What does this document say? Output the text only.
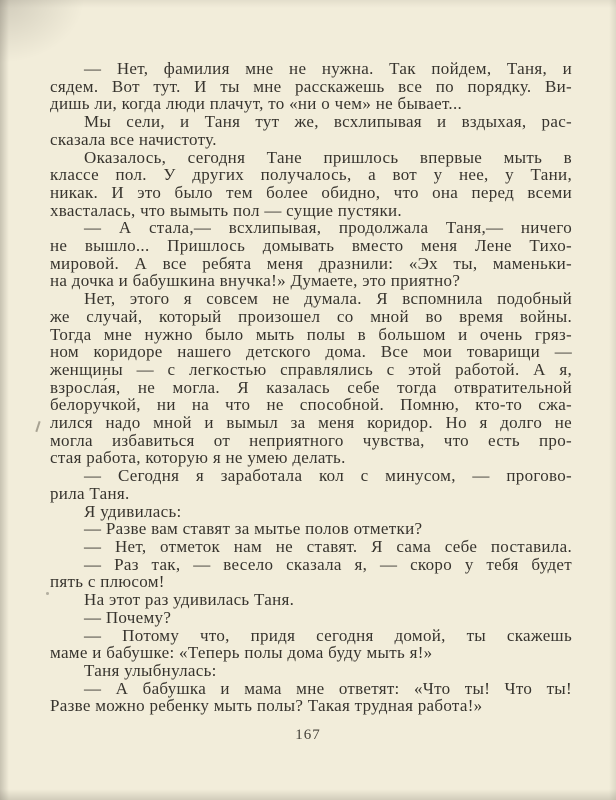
— Нет, фамилия мне не нужна. Так пойдем, Таня, и
сядем. Вот тут. И ты мне расскажешь все по порядку. Ви-
дишь ли, когда люди плачут, то «ни о чем» не бывает...
Мы сели, и Таня тут же, всхлипывая и вздыхая, рас-
сказала все начистоту.
Оказалось, сегодня Тане пришлось впервые мыть в
классе пол. У других получалось, а вот у нее, у Тани,
никак. И это было тем более обидно, что она перед всеми
хвасталась, что вымыть пол — сущие пустяки.
— А стала,— всхлипывая, продолжала Таня,— ничего
не вышло... Пришлось домывать вместо меня Лене Тихо-
мировой. А все ребята меня дразнили: «Эх ты, маменьки-
на дочка и бабушкина внучка!» Думаете, это приятно?
Нет, этого я совсем не думала. Я вспомнила подобный
же случай, который произошел со мной во время войны.
Тогда мне нужно было мыть полы в большом и очень гряз-
ном коридоре нашего детского дома. Все мои товарищи —
женщины — с легкостью справлялись с этой работой. А я,
взросла́я, не могла. Я казалась себе тогда отвратительной
белоручкой, ни на что не способной. Помню, кто-то сжа-
лился надо мной и вымыл за меня коридор. Но я долго не
могла избавиться от неприятного чувства, что есть про-
стая работа, которую я не умею делать.
— Сегодня я заработала кол с минусом, — прогово-
рила Таня.
Я удивилась:
— Разве вам ставят за мытье полов отметки?
— Нет, отметок нам не ставят. Я сама себе поставила.
— Раз так, — весело сказала я, — скоро у тебя будет
пять с плюсом!
На этот раз удивилась Таня.
— Почему?
— Потому что, придя сегодня домой, ты скажешь
маме и бабушке: «Теперь полы дома буду мыть я!»
Таня улыбнулась:
— А бабушка и мама мне ответят: «Что ты! Что ты!
Разве можно ребенку мыть полы? Такая трудная работа!»
167
